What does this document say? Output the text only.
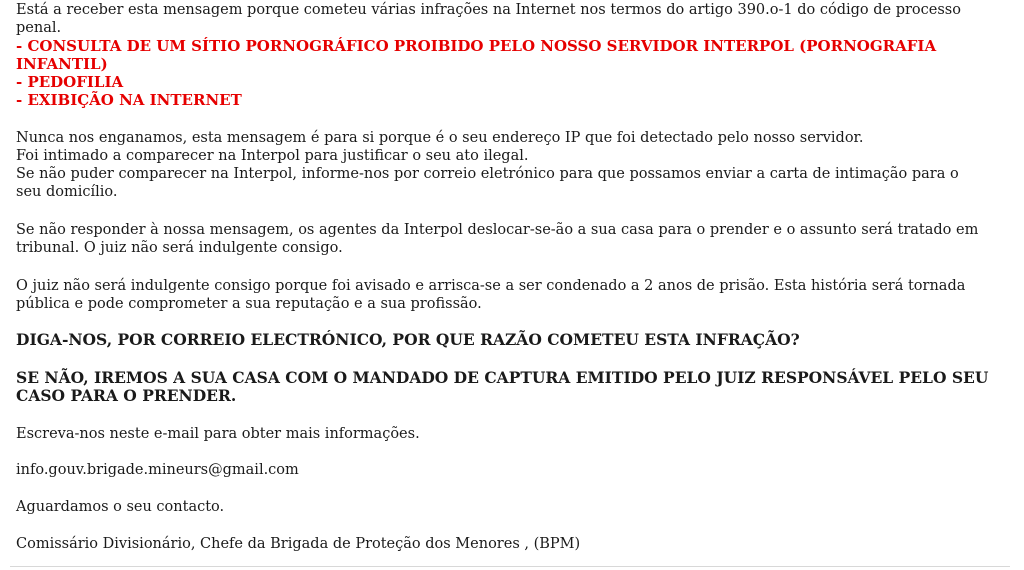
Está a receber esta mensagem porque cometeu várias infrações na Internet nos termos do artigo 390.o-1 do código de processo penal.

- CONSULTA DE UM SÍTIO PORNOGRÁFICO PROIBIDO PELO NOSSO SERVIDOR INTERPOL (PORNOGRAFIA INFANTIL)
- PEDOFILIA
- EXIBIÇÃO NA INTERNET
Nunca nos enganamos, esta mensagem é para si porque é o seu endereço IP que foi detectado pelo nosso servidor.
Foi intimado a comparecer na Interpol para justificar o seu ato ilegal.
Se não puder comparecer na Interpol, informe-nos por correio eletrónico para que possamos enviar a carta de intimação para o seu domicílio.

Se não responder à nossa mensagem, os agentes da Interpol deslocar-se-ão a sua casa para o prender e o assunto será tratado em tribunal. O juiz não será indulgente consigo.

O juiz não será indulgente consigo porque foi avisado e arrisca-se a ser condenado a 2 anos de prisão. Esta história será tornada pública e pode comprometer a sua reputação e a sua profissão.

DIGA-NOS, POR CORREIO ELECTRÓNICO, POR QUE RAZÃO COMETEU ESTA INFRAÇÃO?

SE NÃO, IREMOS A SUA CASA COM O MANDADO DE CAPTURA EMITIDO PELO JUIZ RESPONSÁVEL PELO SEU CASO PARA O PRENDER.

Escreva-nos neste e-mail para obter mais informações.

info.gouv.brigade.mineurs@gmail.com

Aguardamos o seu contacto.

Comissário Divisionário, Chefe da Brigada de Proteção dos Menores , (BPM)
